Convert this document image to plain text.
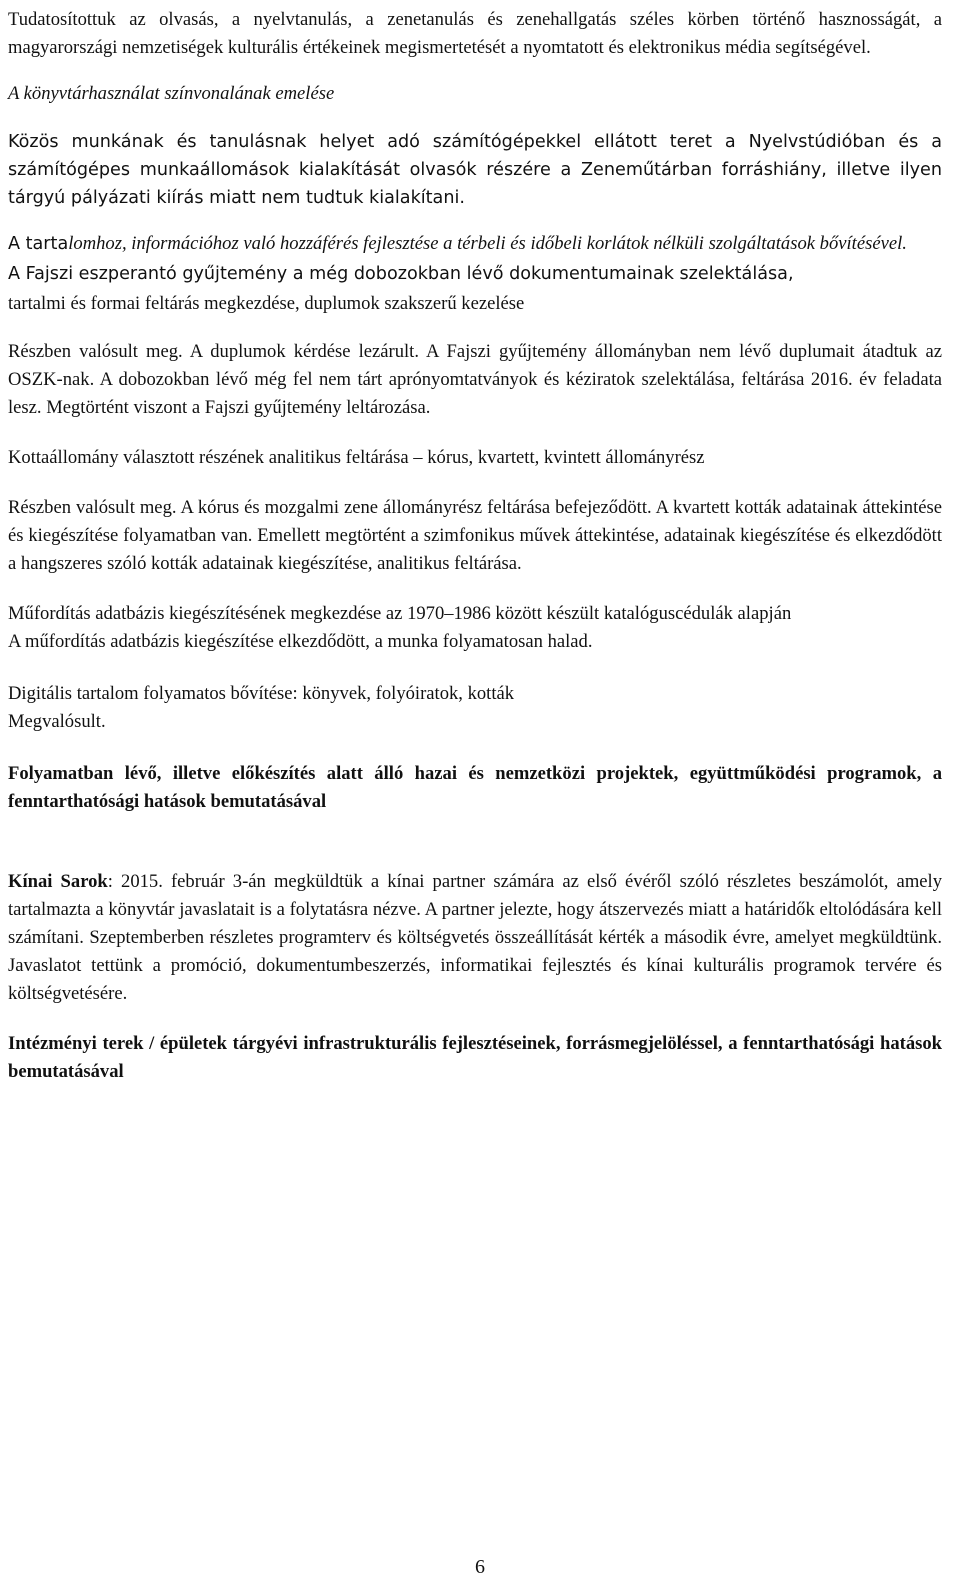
Tudatosítottuk az olvasás, a nyelvtanulás, a zenetanulás és zenehallgatás széles körben történő hasznosságát, a magyarországi nemzetiségek kulturális értékeinek megismertetését a nyomtatott és elektronikus média segítségével.

A könyvtárhasználat színvonalának emelése

Közös munkának és tanulásnak helyet adó számítógépekkel ellátott teret a Nyelvstúdióban és a számítógépes munkaállomások kialakítását olvasók részére a Zeneműtárban forráshiány, illetve ilyen tárgyú pályázati kiírás miatt nem tudtuk kialakítani.

A tartalomhoz, információhoz való hozzáférés fejlesztése a térbeli és időbeli korlátok nélküli szolgáltatások bővítésével.

A Fajszi eszperantó gyűjtemény a még dobozokban lévő dokumentumainak szelektálása,

tartalmi és formai feltárás megkezdése, duplumok szakszerű kezelése

Részben valósult meg. A duplumok kérdése lezárult. A Fajszi gyűjtemény állományban nem lévő duplumait átadtuk az OSZK-nak. A dobozokban lévő még fel nem tárt aprónyomtatványok és kéziratok szelektálása, feltárása 2016. év feladata lesz. Megtörtént viszont a Fajszi gyűjtemény leltározása.

Kottaállomány választott részének analitikus feltárása – kórus, kvartett, kvintett állományrész

Részben valósult meg. A kórus és mozgalmi zene állományrész feltárása befejeződött. A kvartett kották adatainak áttekintése és kiegészítése folyamatban van. Emellett megtörtént a szimfonikus művek áttekintése, adatainak kiegészítése és elkezdődött a hangszeres szóló kották adatainak kiegészítése, analitikus feltárása.

Műfordítás adatbázis kiegészítésének megkezdése az 1970–1986 között készült katalóguscédulák alapján

A műfordítás adatbázis kiegészítése elkezdődött, a munka folyamatosan halad.

Digitális tartalom folyamatos bővítése: könyvek, folyóiratok, kották

Megvalósult.

Folyamatban lévő, illetve előkészítés alatt álló hazai és nemzetközi projektek, együttműködési programok, a fenntarthatósági hatások bemutatásával

Kínai Sarok: 2015. február 3-án megküldtük a kínai partner számára az első évéről szóló részletes beszámolót, amely tartalmazta a könyvtár javaslatait is a folytatásra nézve. A partner jelezte, hogy átszervezés miatt a határidők eltolódására kell számítani. Szeptemberben részletes programterv és költségvetés összeállítását kérték a második évre, amelyet megküldtünk. Javaslatot tettünk a promóció, dokumentumbeszerzés, informatikai fejlesztés és kínai kulturális programok tervére és költségvetésére.

Intézményi terek / épületek tárgyévi infrastrukturális fejlesztéseinek, forrásmegjelöléssel, a fenntarthatósági hatások bemutatásával

6
